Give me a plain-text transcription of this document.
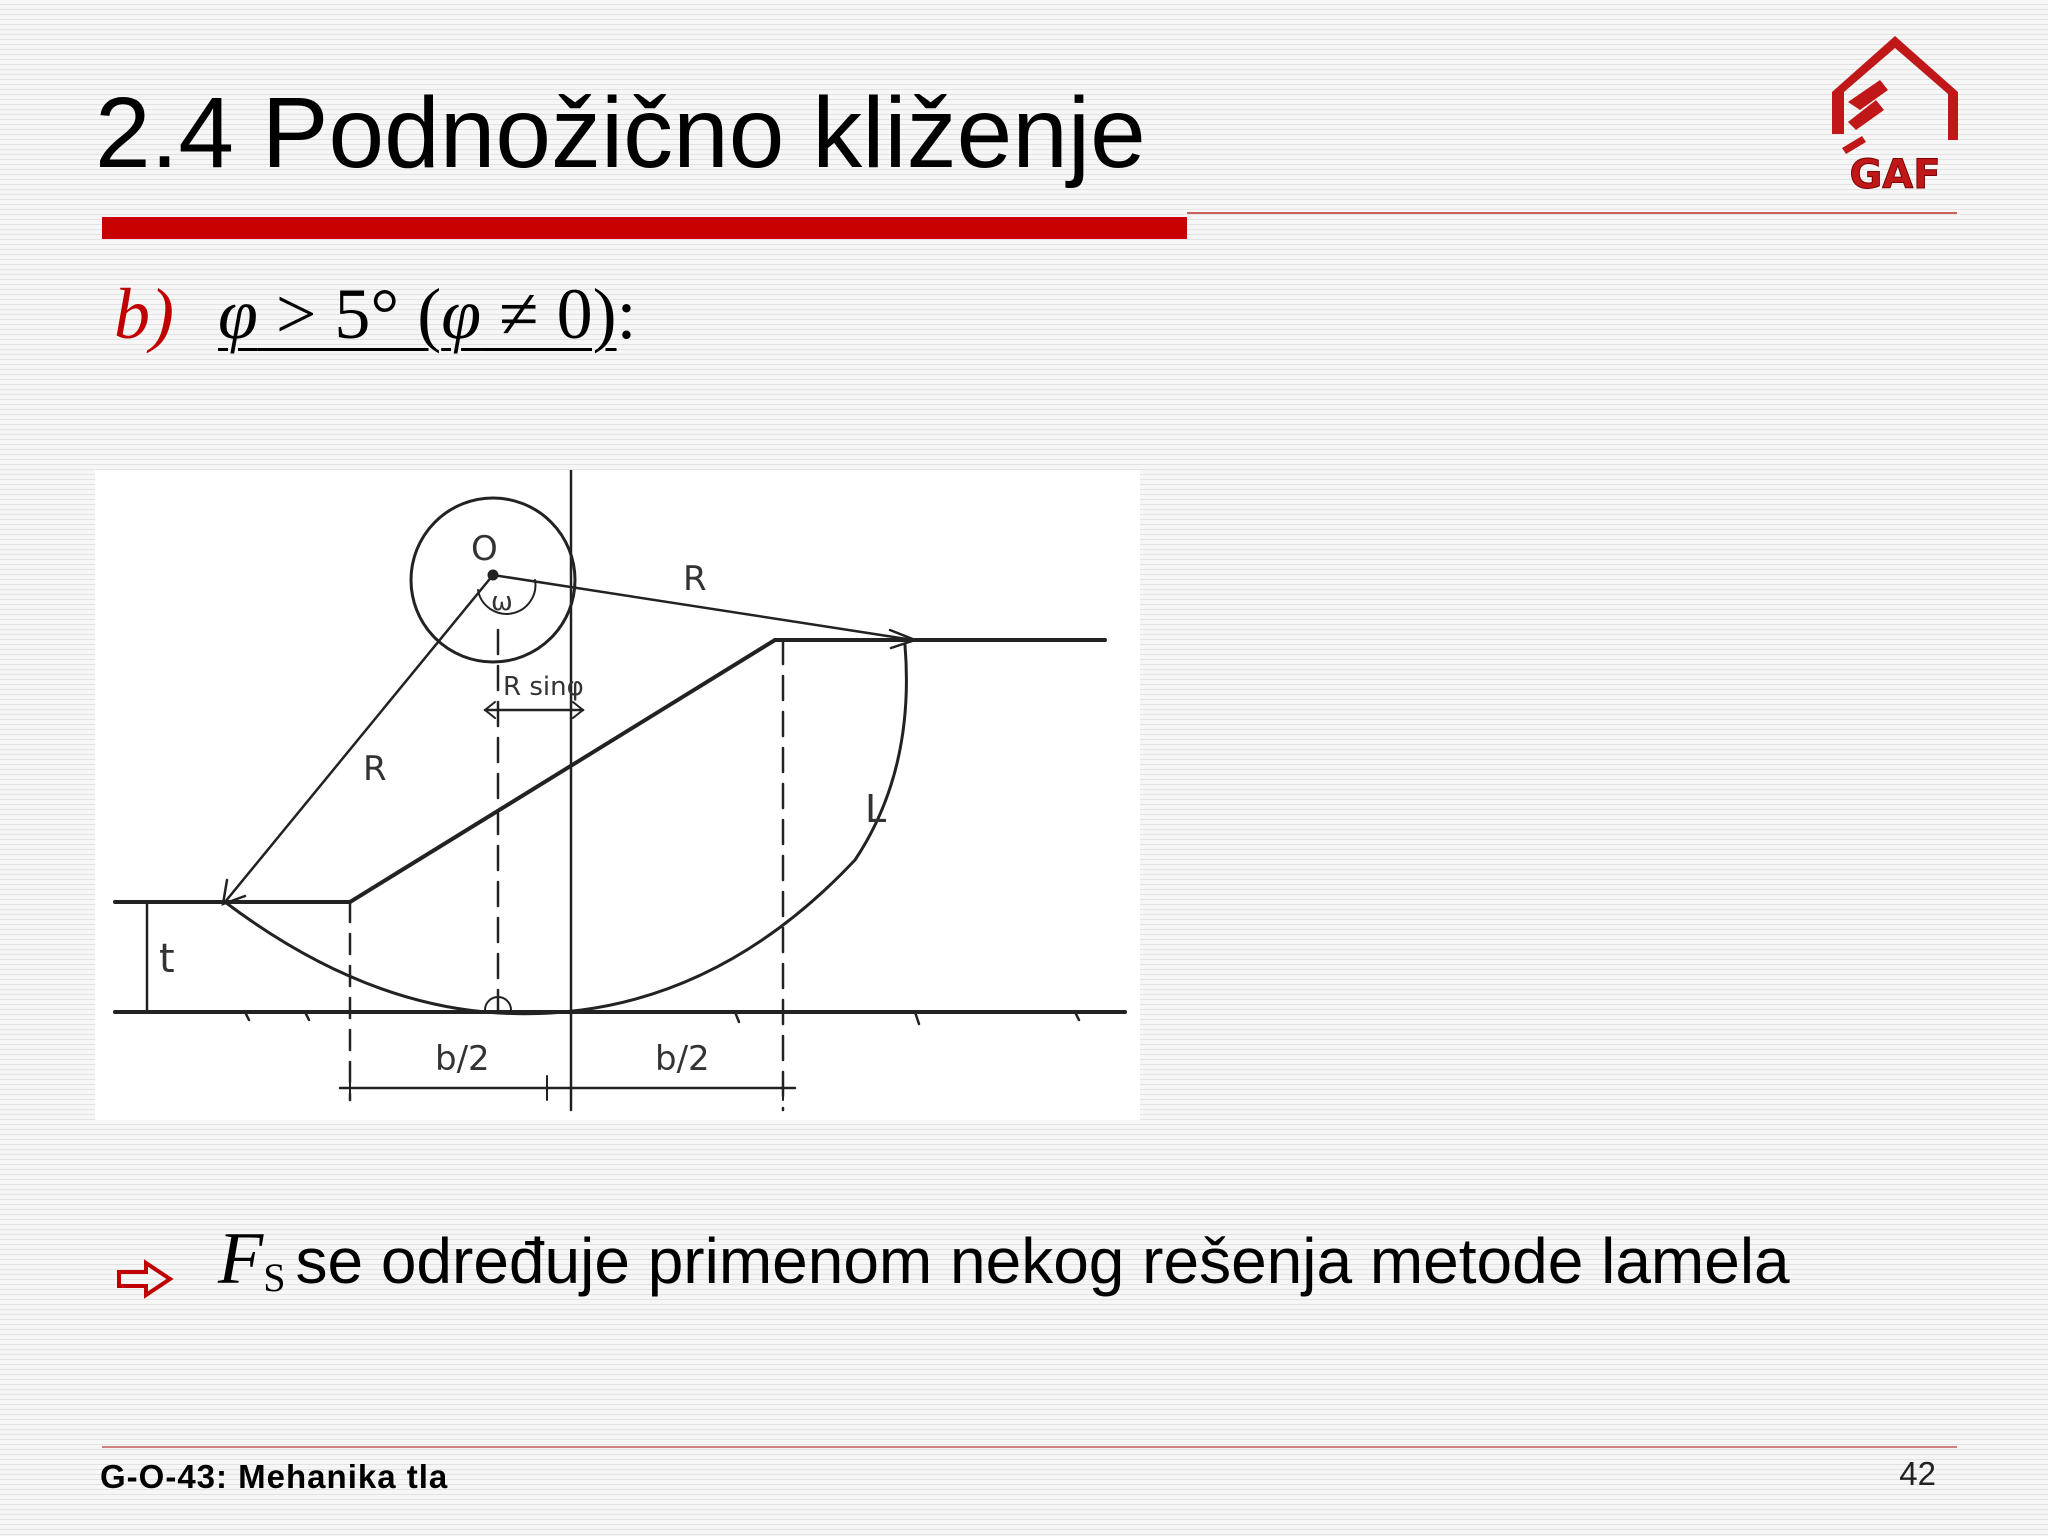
2.4 Podnožično kliženje	GAF
b) φ > 5° (φ ≠ 0):
O
ω
R
R
R sinφ
L
t
b/2	b/2
$F_S$ se određuje primenom nekog rešenja metode lamela
G-O-43: Mehanika tla	42
